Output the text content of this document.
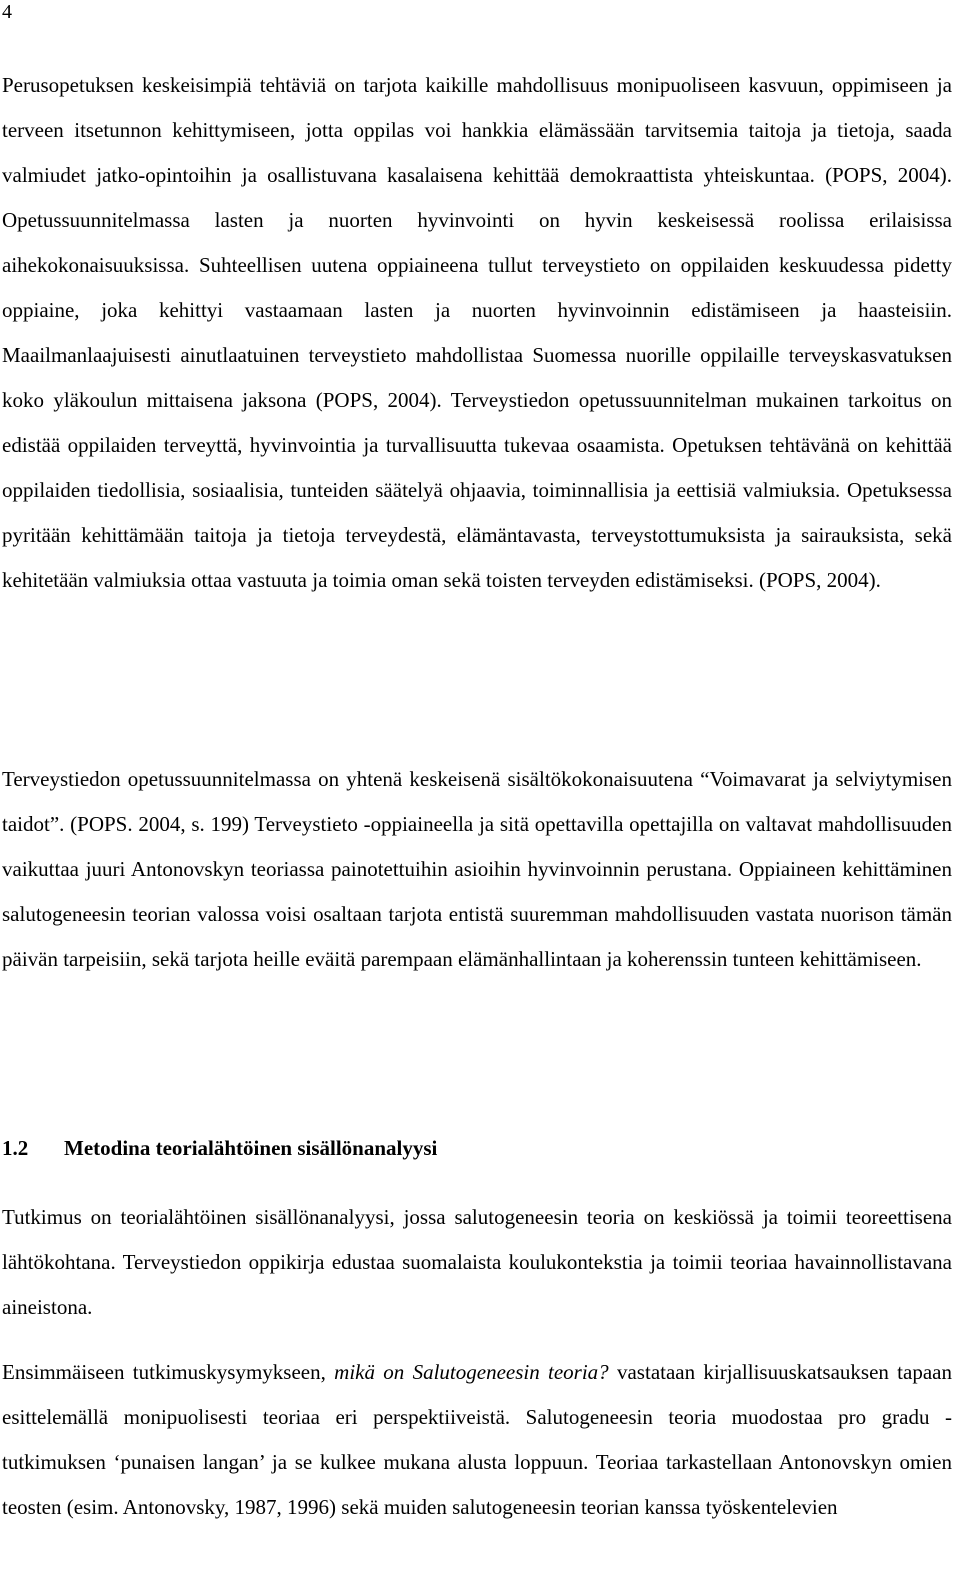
4

Perusopetuksen keskeisimpiä tehtäviä on tarjota kaikille mahdollisuus monipuoliseen kasvuun, oppimiseen ja terveen itsetunnon kehittymiseen, jotta oppilas voi hankkia elämässään tarvitsemia taitoja ja tietoja, saada valmiudet jatko-opintoihin ja osallistuvana kasalaisena kehittää demokraattista yhteiskuntaa. (POPS, 2004). Opetussuunnitelmassa lasten ja nuorten hyvinvointi on hyvin keskeisessä roolissa erilaisissa aihekokonaisuuksissa. Suhteellisen uutena oppiaineena tullut terveystieto on oppilaiden keskuudessa pidetty oppiaine, joka kehittyi vastaamaan lasten ja nuorten hyvinvoinnin edistämiseen ja haasteisiin. Maailmanlaajuisesti ainutlaatuinen terveystieto mahdollistaa Suomessa nuorille oppilaille terveyskasvatuksen koko yläkoulun mittaisena jaksona (POPS, 2004). Terveystiedon opetussuunnitelman mukainen tarkoitus on edistää oppilaiden terveyttä, hyvinvointia ja turvallisuutta tukevaa osaamista. Opetuksen tehtävänä on kehittää oppilaiden tiedollisia, sosiaalisia, tunteiden säätelyä ohjaavia, toiminnallisia ja eettisiä valmiuksia. Opetuksessa pyritään kehittämään taitoja ja tietoja terveydestä, elämäntavasta, terveystottumuksista ja sairauksista, sekä kehitetään valmiuksia ottaa vastuuta ja toimia oman sekä toisten terveyden edistämiseksi. (POPS, 2004).

Terveystiedon opetussuunnitelmassa on yhtenä keskeisenä sisältökokonaisuutena “Voimavarat ja selviytymisen taidot”. (POPS. 2004, s. 199) Terveystieto -oppiaineella ja sitä opettavilla opettajilla on valtavat mahdollisuuden vaikuttaa juuri Antonovskyn teoriassa painotettuihin asioihin hyvinvoinnin perustana. Oppiaineen kehittäminen salutogeneesin teorian valossa voisi osaltaan tarjota entistä suuremman mahdollisuuden vastata nuorison tämän päivän tarpeisiin, sekä tarjota heille eväitä parempaan elämänhallintaan ja koherenssin tunteen kehittämiseen.

1.2 Metodina teorialähtöinen sisällönanalyysi

Tutkimus on teorialähtöinen sisällönanalyysi, jossa salutogeneesin teoria on keskiössä ja toimii teoreettisena lähtökohtana. Terveystiedon oppikirja edustaa suomalaista koulukontekstia ja toimii teoriaa havainnollistavana aineistona.

Ensimmäiseen tutkimuskysymykseen, mikä on Salutogeneesin teoria? vastataan kirjallisuuskatsauksen tapaan esittelemällä monipuolisesti teoriaa eri perspektiiveistä. Salutogeneesin teoria muodostaa pro gradu -tutkimuksen ‘punaisen langan’ ja se kulkee mukana alusta loppuun. Teoriaa tarkastellaan Antonovskyn omien teosten (esim. Antonovsky, 1987, 1996) sekä muiden salutogeneesin teorian kanssa työskentelevien
